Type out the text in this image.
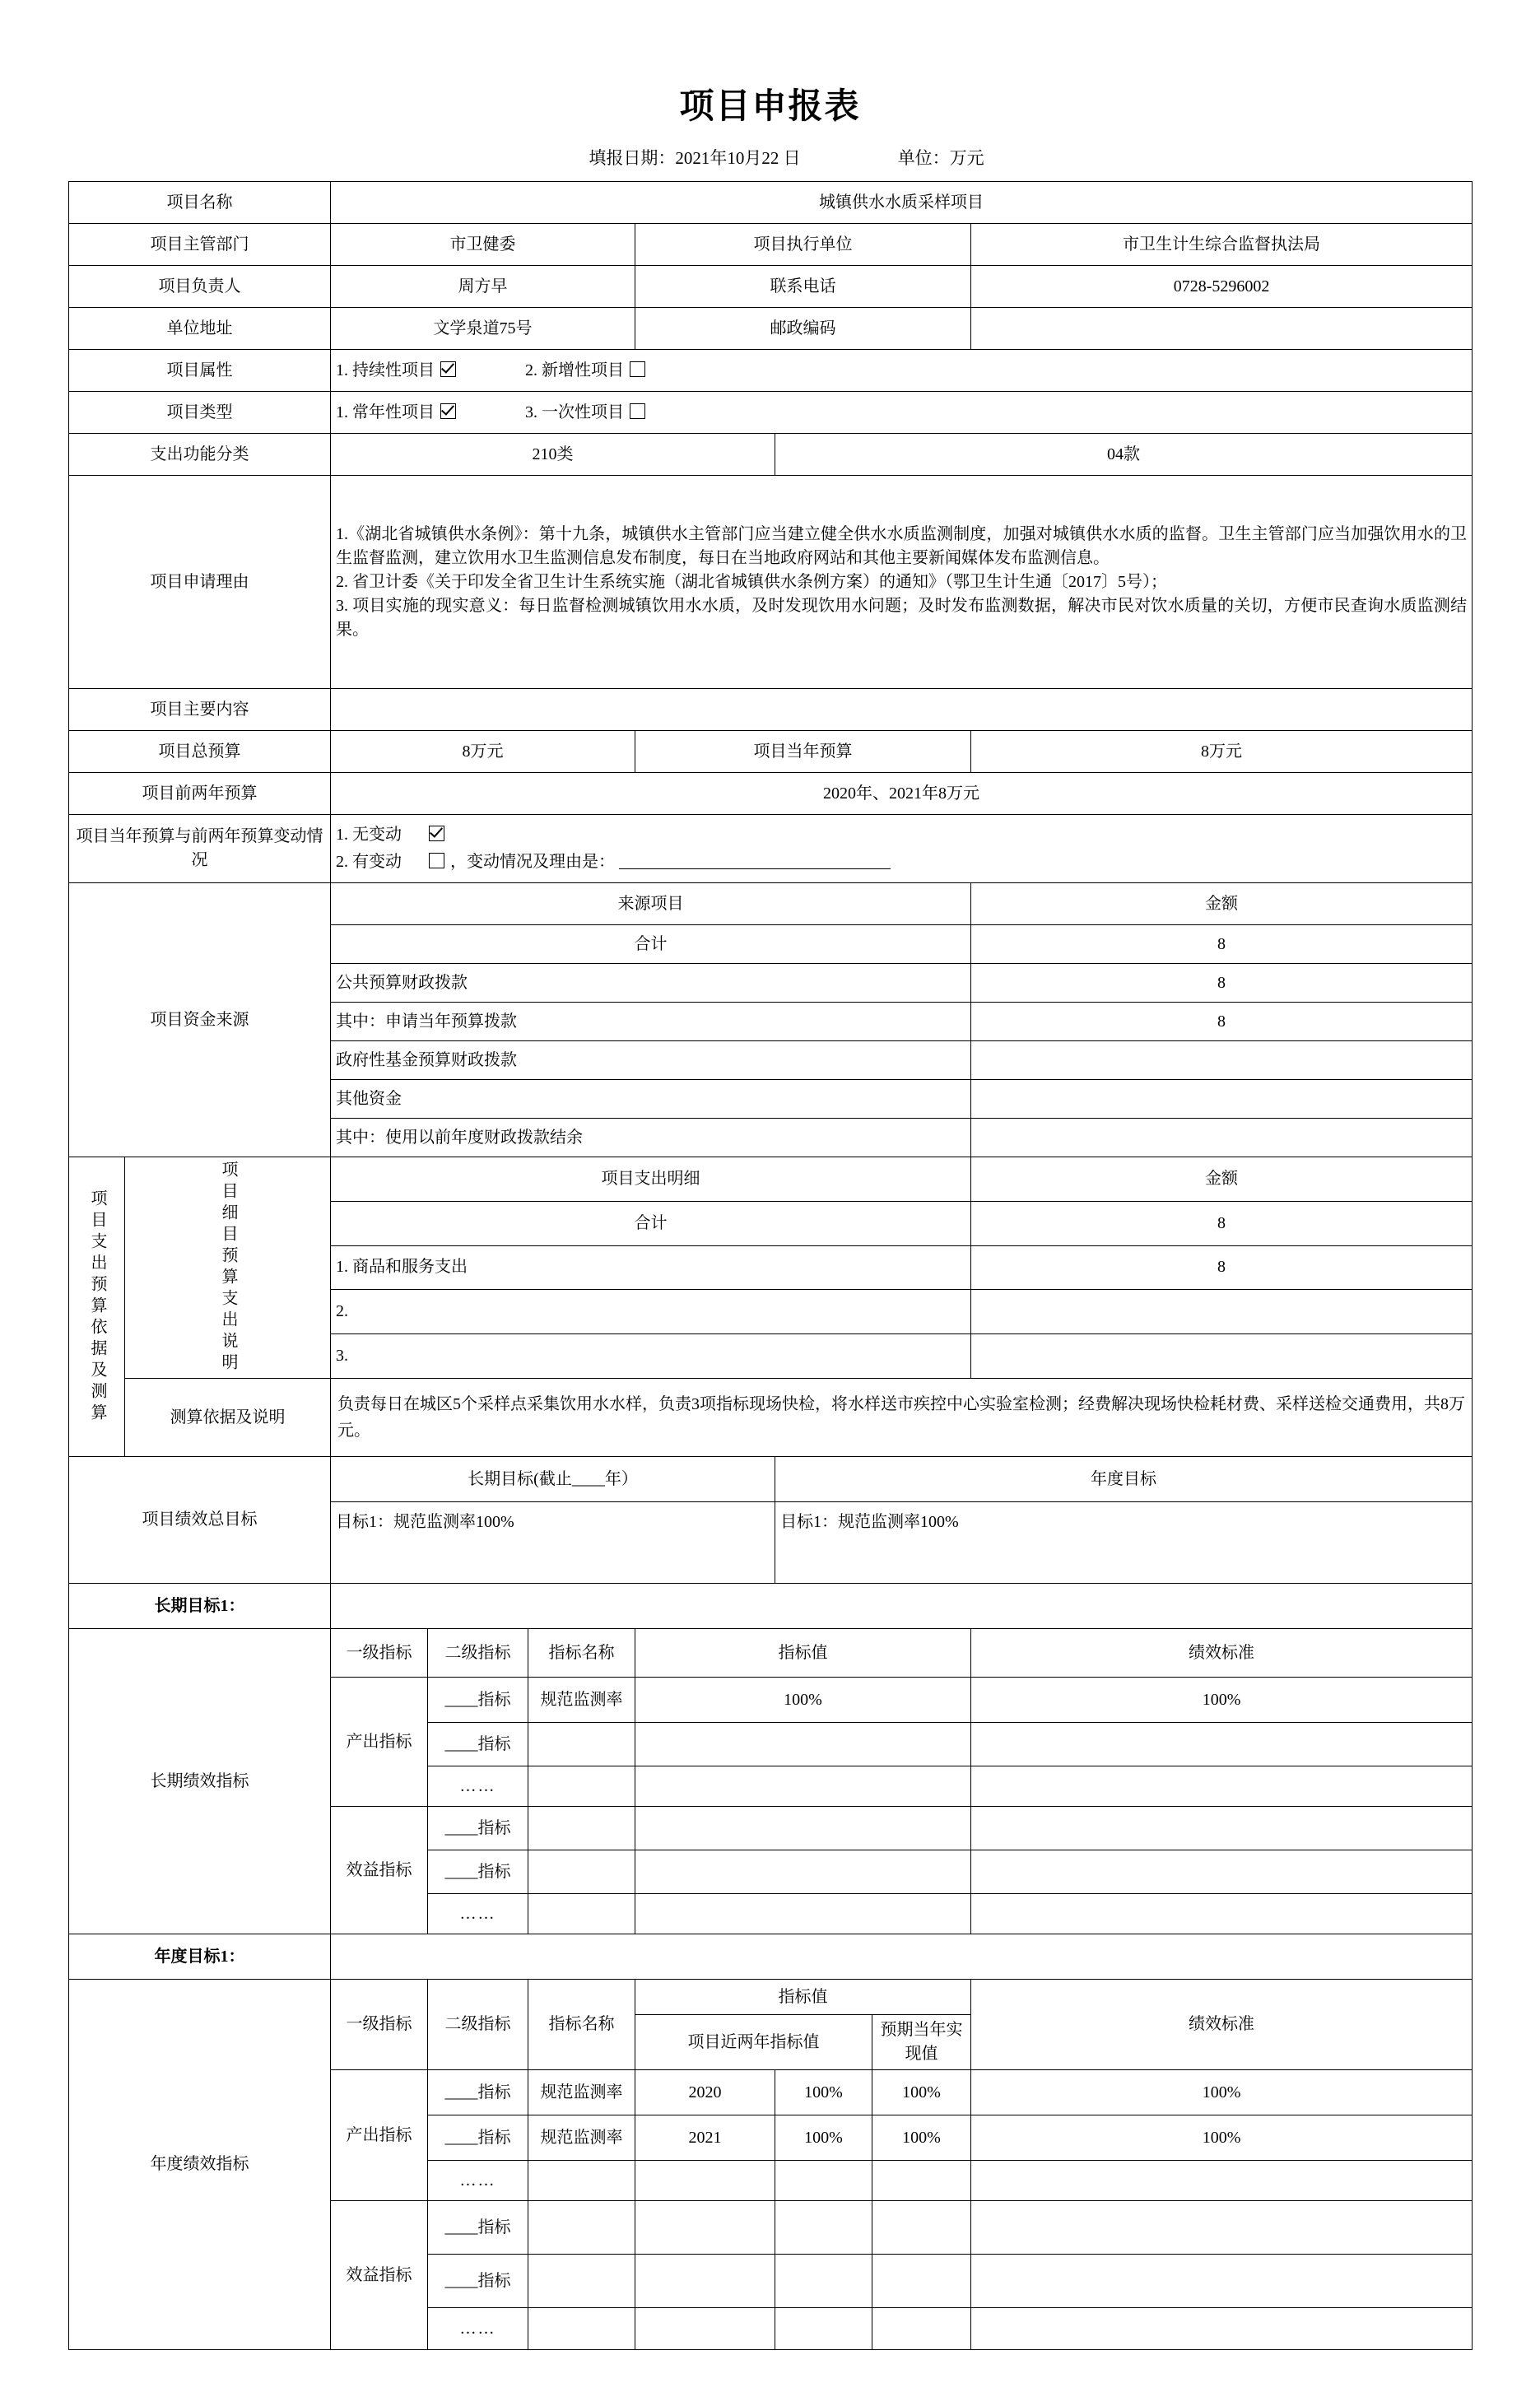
项目申报表
填报日期：2021年10月22 日	单位：万元
项目名称		城镇供水水质采样项目						
项目主管部门		市卫健委			项目执行单位			市卫生计生综合监督执法局
项目负责人		周方早			联系电话			0728-5296002
单位地址		文学泉道75号			邮政编码			
项目属性		1. 持续性项目 2. 新增性项目						

项目类型		1. 常年性项目 3. 一次性项目						

支出功能分类		210类				04款		
项目申请理由		1.《湖北省城镇供水条例》：第十九条，城镇供水主管部门应当建立健全供水水质监测制度，加强对城镇供水水质的监督。卫生主管部门应当加强饮用水的卫生监督监测，建立饮用水卫生监测信息发布制度，每日在当地政府网站和其他主要新闻媒体发布监测信息。

2. 省卫计委《关于印发全省卫生计生系统实施（湖北省城镇供水条例方案）的通知》（鄂卫生计生通〔2017〕5号）；

3. 项目实施的现实意义：每日监督检测城镇饮用水水质，及时发现饮用水问题；及时发布监测数据，解决市民对饮水质量的关切，方便市民查询水质监测结果。						

项目主要内容								
项目总预算		8万元			项目当年预算			8万元
项目前两年预算		2020年、2021年8万元						
项目当年预算与前两年预算变动情况		1. 无变动
2. 有变动 ，变动情况及理由是：						

项目资金来源		来源项目						金额
		合计						8
		公共预算财政拨款						8
		其中：申请当年预算拨款						8
		政府性基金预算财政拨款						
		其他资金						
		其中：使用以前年度财政拨款结余						

项目支出预算依据及测算	项目细目预算支出说明	项目支出明细						金额
		合计						8
		1. 商品和服务支出						8
		2.						
		3.						
	测算依据及说明	负责每日在城区5个采样点采集饮用水水样，负责3项指标现场快检，将水样送市疾控中心实验室检测；经费解决现场快检耗材费、采样送检交通费用，共8万元。						
项目绩效总目标		长期目标(截止____年）				年度目标		
		目标1：规范监测率100%				目标1：规范监测率100%		
长期目标1：								
长期绩效指标		一级指标	二级指标	指标名称	指标值			绩效标准
		产出指标	____指标	规范监测率	100%			100%
			____指标					
			……					
		效益指标	____指标					
			____指标					
			……					
年度目标1：								
年度绩效指标		一级指标	二级指标	指标名称	指标值			绩效标准
					项目近两年指标值		预期当年实现值	
		产出指标	____指标	规范监测率	2020	100%	100%	100%
			____指标	规范监测率	2021	100%	100%	100%
			……					
		效益指标	____指标					
			____指标					
			……					
